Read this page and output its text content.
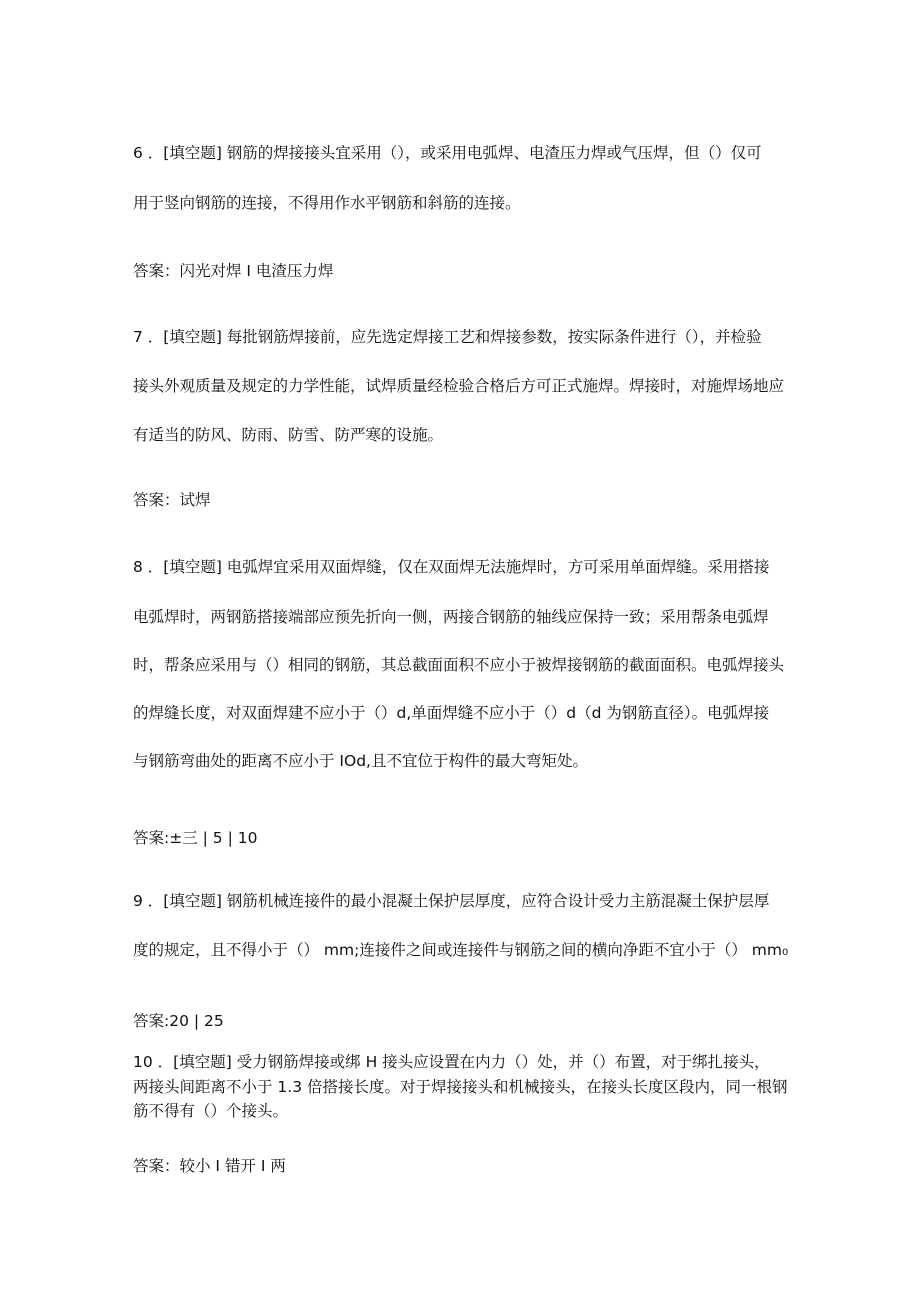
6 ．[填空题] 钢筋的焊接接头宜采用（），或采用电弧焊、电渣压力焊或气压焊，但（）仅可
用于竖向钢筋的连接，不得用作水平钢筋和斜筋的连接。
答案：闪光对焊 I 电渣压力焊
7 ．[填空题] 每批钢筋焊接前，应先选定焊接工艺和焊接参数，按实际条件进行（），并检验
接头外观质量及规定的力学性能，试焊质量经检验合格后方可正式施焊。焊接时，对施焊场地应
有适当的防风、防雨、防雪、防严寒的设施。
答案：试焊
8 ．[填空题] 电弧焊宜采用双面焊缝，仅在双面焊无法施焊时，方可采用单面焊缝。采用搭接
电弧焊时，两钢筋搭接端部应预先折向一侧，两接合钢筋的轴线应保持一致；采用帮条电弧焊
时，帮条应采用与（）相同的钢筋，其总截面面积不应小于被焊接钢筋的截面面积。电弧焊接头
的焊缝长度，对双面焊建不应小于（）d,单面焊缝不应小于（）d（d 为钢筋直径）。电弧焊接
与钢筋弯曲处的距离不应小于 IOd,且不宜位于构件的最大弯矩处。
答案:±三 | 5 | 10
9 ．[填空题] 钢筋机械连接件的最小混凝土保护层厚度，应符合设计受力主筋混凝土保护层厚
度的规定，且不得小于（） mm;连接件之间或连接件与钢筋之间的横向净距不宜小于（） mm₀
答案:20 | 25
10 ．[填空题] 受力钢筋焊接或绑 H 接头应设置在内力（）处，并（）布置，对于绑扎接头，
两接头间距离不小于 1.3 倍搭接长度。对于焊接接头和机械接头，在接头长度区段内，同一根钢
筋不得有（）个接头。
答案：较小 I 错开 I 两
